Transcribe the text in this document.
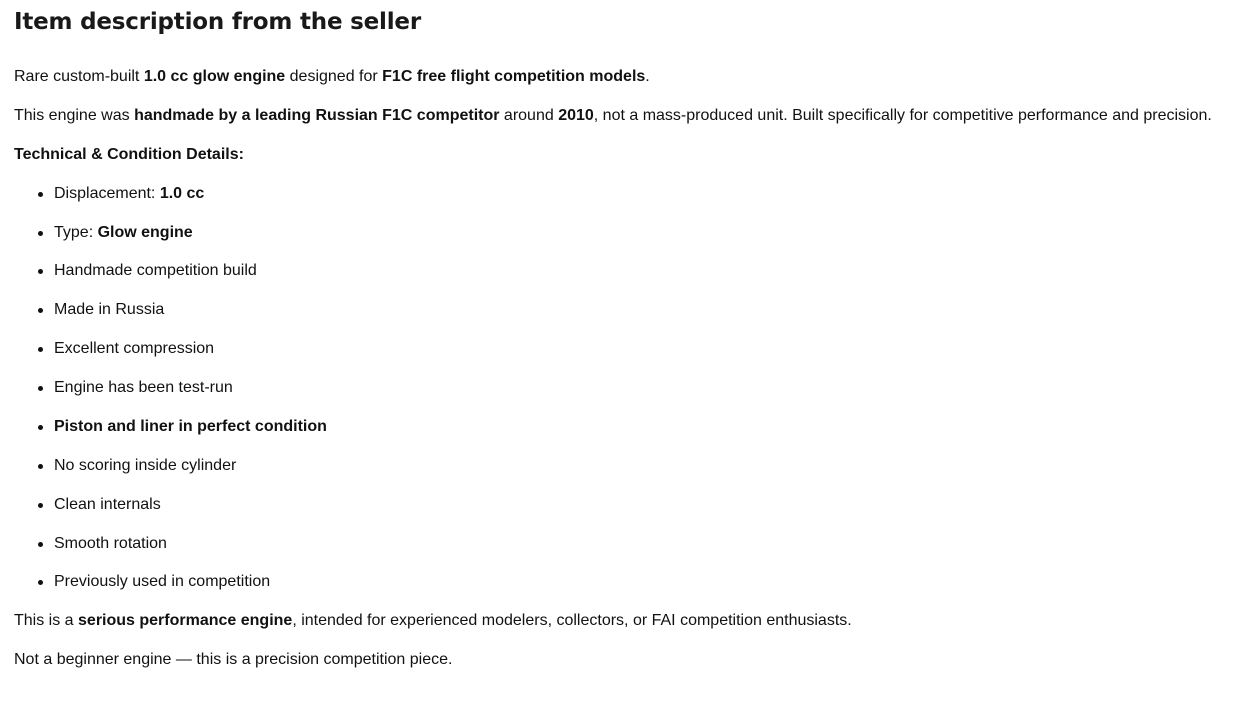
Item description from the seller
Rare custom-built 1.0 cc glow engine designed for F1C free flight competition models.
This engine was handmade by a leading Russian F1C competitor around 2010, not a mass-produced unit. Built specifically for competitive performance and precision.
Technical & Condition Details:
Displacement: 1.0 cc
Type: Glow engine
Handmade competition build
Made in Russia
Excellent compression
Engine has been test-run
Piston and liner in perfect condition
No scoring inside cylinder
Clean internals
Smooth rotation
Previously used in competition
This is a serious performance engine, intended for experienced modelers, collectors, or FAI competition enthusiasts.
Not a beginner engine — this is a precision competition piece.
